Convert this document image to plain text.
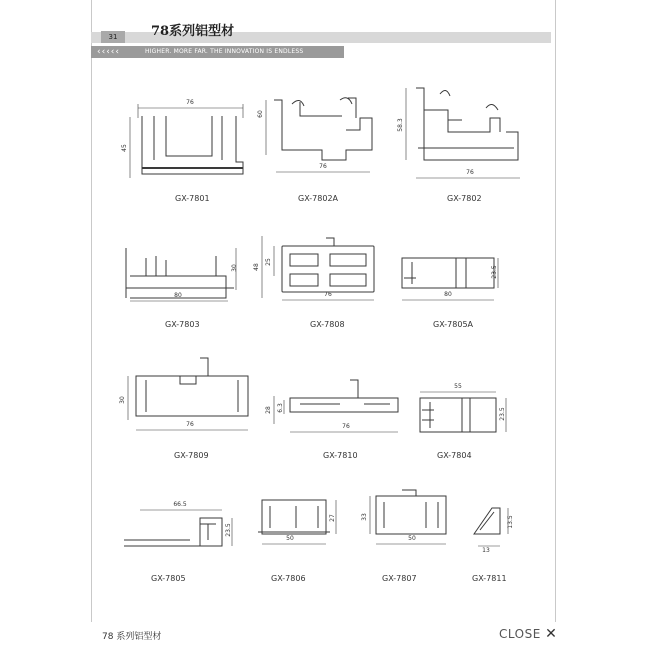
31	78系列铝型材
‹‹‹‹‹	HIGHER. MORE FAR. THE INNOVATION IS ENDLESS
76
45
60
76
58.3
76
30
80
48
25
76
23.5
80
30
76
28 6.3
76
55
23.5
66.5
23.5
27
50
33
50
13.5
13
GX-7801	GX-7802A	GX-7802
GX-7803	GX-7808	GX-7805A
GX-7809	GX-7810	GX-7804
GX-7805	GX-7806	GX-7807	GX-7811
78 系列铝型材	CLOSE ✕
